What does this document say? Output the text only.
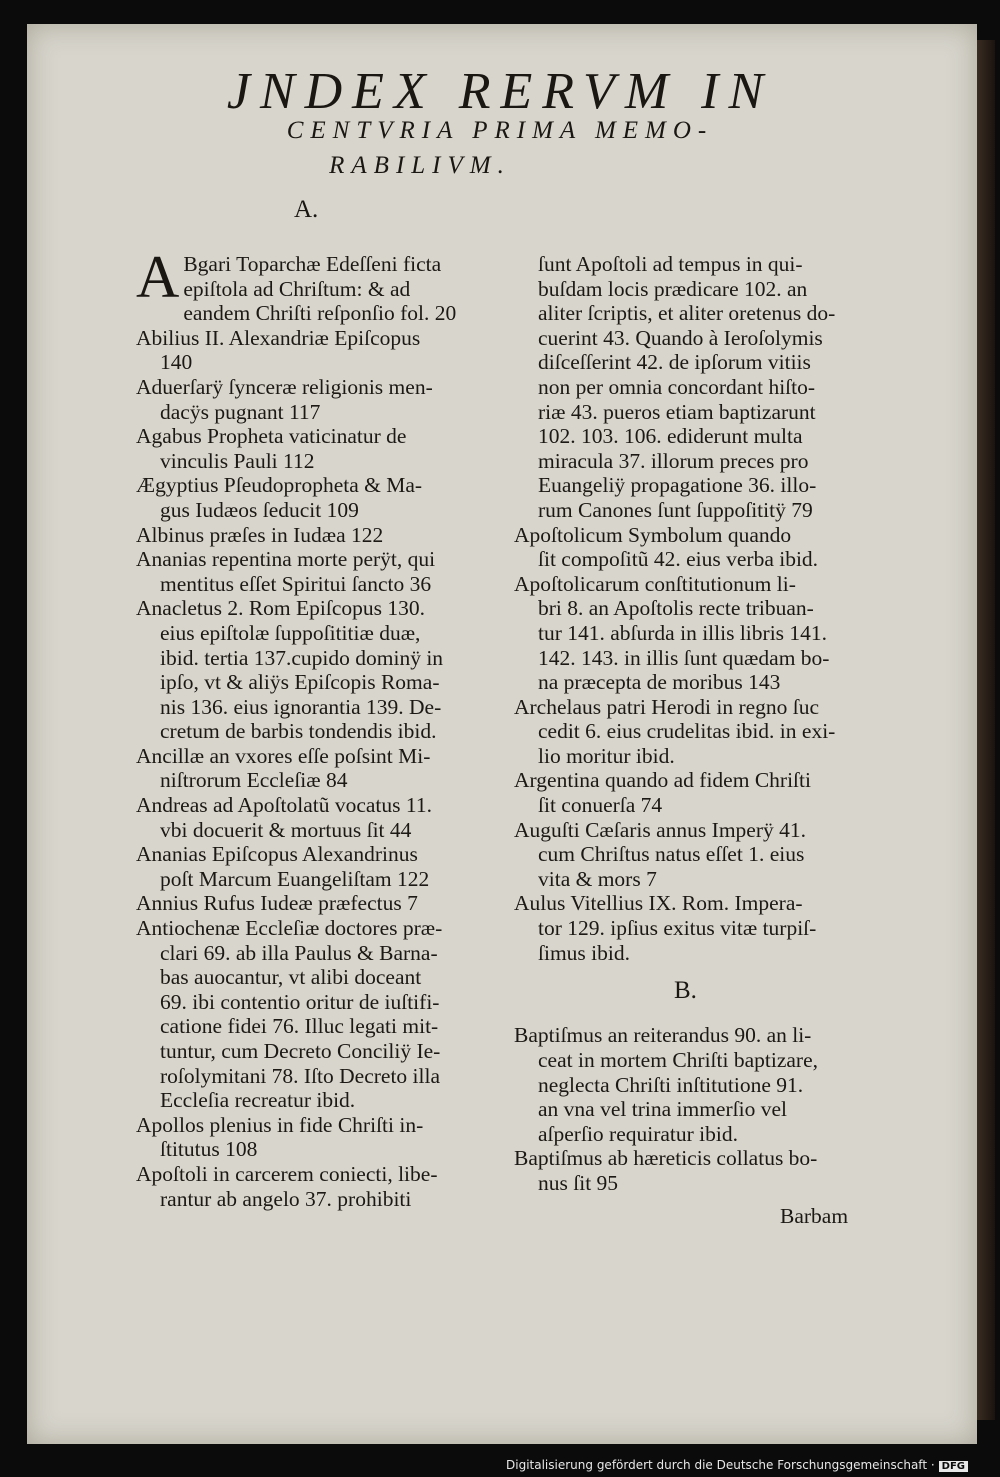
JNDEX RERVM IN
CENTVRIA PRIMA MEMO-
RABILIVM.
A.
A Bgari Toparchæ Edeſſeni ficta
epiſtola ad Chriſtum: & ad
eandem Chriſti reſponſio fol. 20
Abilius II. Alexandriæ Epiſcopus
140
Aduerſarÿ ſynceræ religionis men-
dacÿs pugnant 117
Agabus Propheta vaticinatur de
vinculis Pauli 112
Ægyptius Pſeudopropheta & Ma-
gus Iudæos ſeducit 109
Albinus præſes in Iudæa 122
Ananias repentina morte perÿt, qui
mentitus eſſet Spiritui ſancto 36
Anacletus 2. Rom Epiſcopus 130.
eius epiſtolæ ſuppoſititiæ duæ,
ibid. tertia 137.cupido dominÿ in
ipſo, vt & aliÿs Epiſcopis Roma-
nis 136. eius ignorantia 139. De-
cretum de barbis tondendis ibid.
Ancillæ an vxores eſſe poſsint Mi-
niſtrorum Eccleſiæ 84
Andreas ad Apoſtolatũ vocatus 11.
vbi docuerit & mortuus ſit 44
Ananias Epiſcopus Alexandrinus
poſt Marcum Euangeliſtam 122
Annius Rufus Iudeæ præfectus 7
Antiochenæ Eccleſiæ doctores præ-
clari 69. ab illa Paulus & Barna-
bas auocantur, vt alibi doceant
69. ibi contentio oritur de iuſtifi-
catione fidei 76. Illuc legati mit-
tuntur, cum Decreto Conciliÿ Ie-
roſolymitani 78. Iſto Decreto illa
Eccleſia recreatur ibid.
Apollos plenius in fide Chriſti in-
ſtitutus 108
Apoſtoli in carcerem coniecti, libe-
rantur ab angelo 37. prohibiti
ſunt Apoſtoli ad tempus in qui-
buſdam locis prædicare 102. an
aliter ſcriptis, et aliter oretenus do-
cuerint 43. Quando à Ieroſolymis
diſceſſerint 42. de ipſorum vitiis
non per omnia concordant hiſto-
riæ 43. pueros etiam baptizarunt
102. 103. 106. ediderunt multa
miracula 37. illorum preces pro
Euangeliÿ propagatione 36. illo-
rum Canones ſunt ſuppoſititÿ 79
Apoſtolicum Symbolum quando
ſit compoſitũ 42. eius verba ibid.
Apoſtolicarum conſtitutionum li-
bri 8. an Apoſtolis recte tribuan-
tur 141. abſurda in illis libris 141.
142. 143. in illis ſunt quædam bo-
na præcepta de moribus 143
Archelaus patri Herodi in regno ſuc
cedit 6. eius crudelitas ibid. in exi-
lio moritur ibid.
Argentina quando ad fidem Chriſti
ſit conuerſa 74
Auguſti Cæſaris annus Imperÿ 41.
cum Chriſtus natus eſſet 1. eius
vita & mors 7
Aulus Vitellius IX. Rom. Impera-
tor 129. ipſius exitus vitæ turpiſ-
ſimus ibid.
B.
Baptiſmus an reiterandus 90. an li-
ceat in mortem Chriſti baptizare,
neglecta Chriſti inſtitutione 91.
an vna vel trina immerſio vel
aſperſio requiratur ibid.
Baptiſmus ab hæreticis collatus bo-
nus ſit 95
Barbam
Digitalisierung gefördert durch die Deutsche Forschungsgemeinschaft · DFG
